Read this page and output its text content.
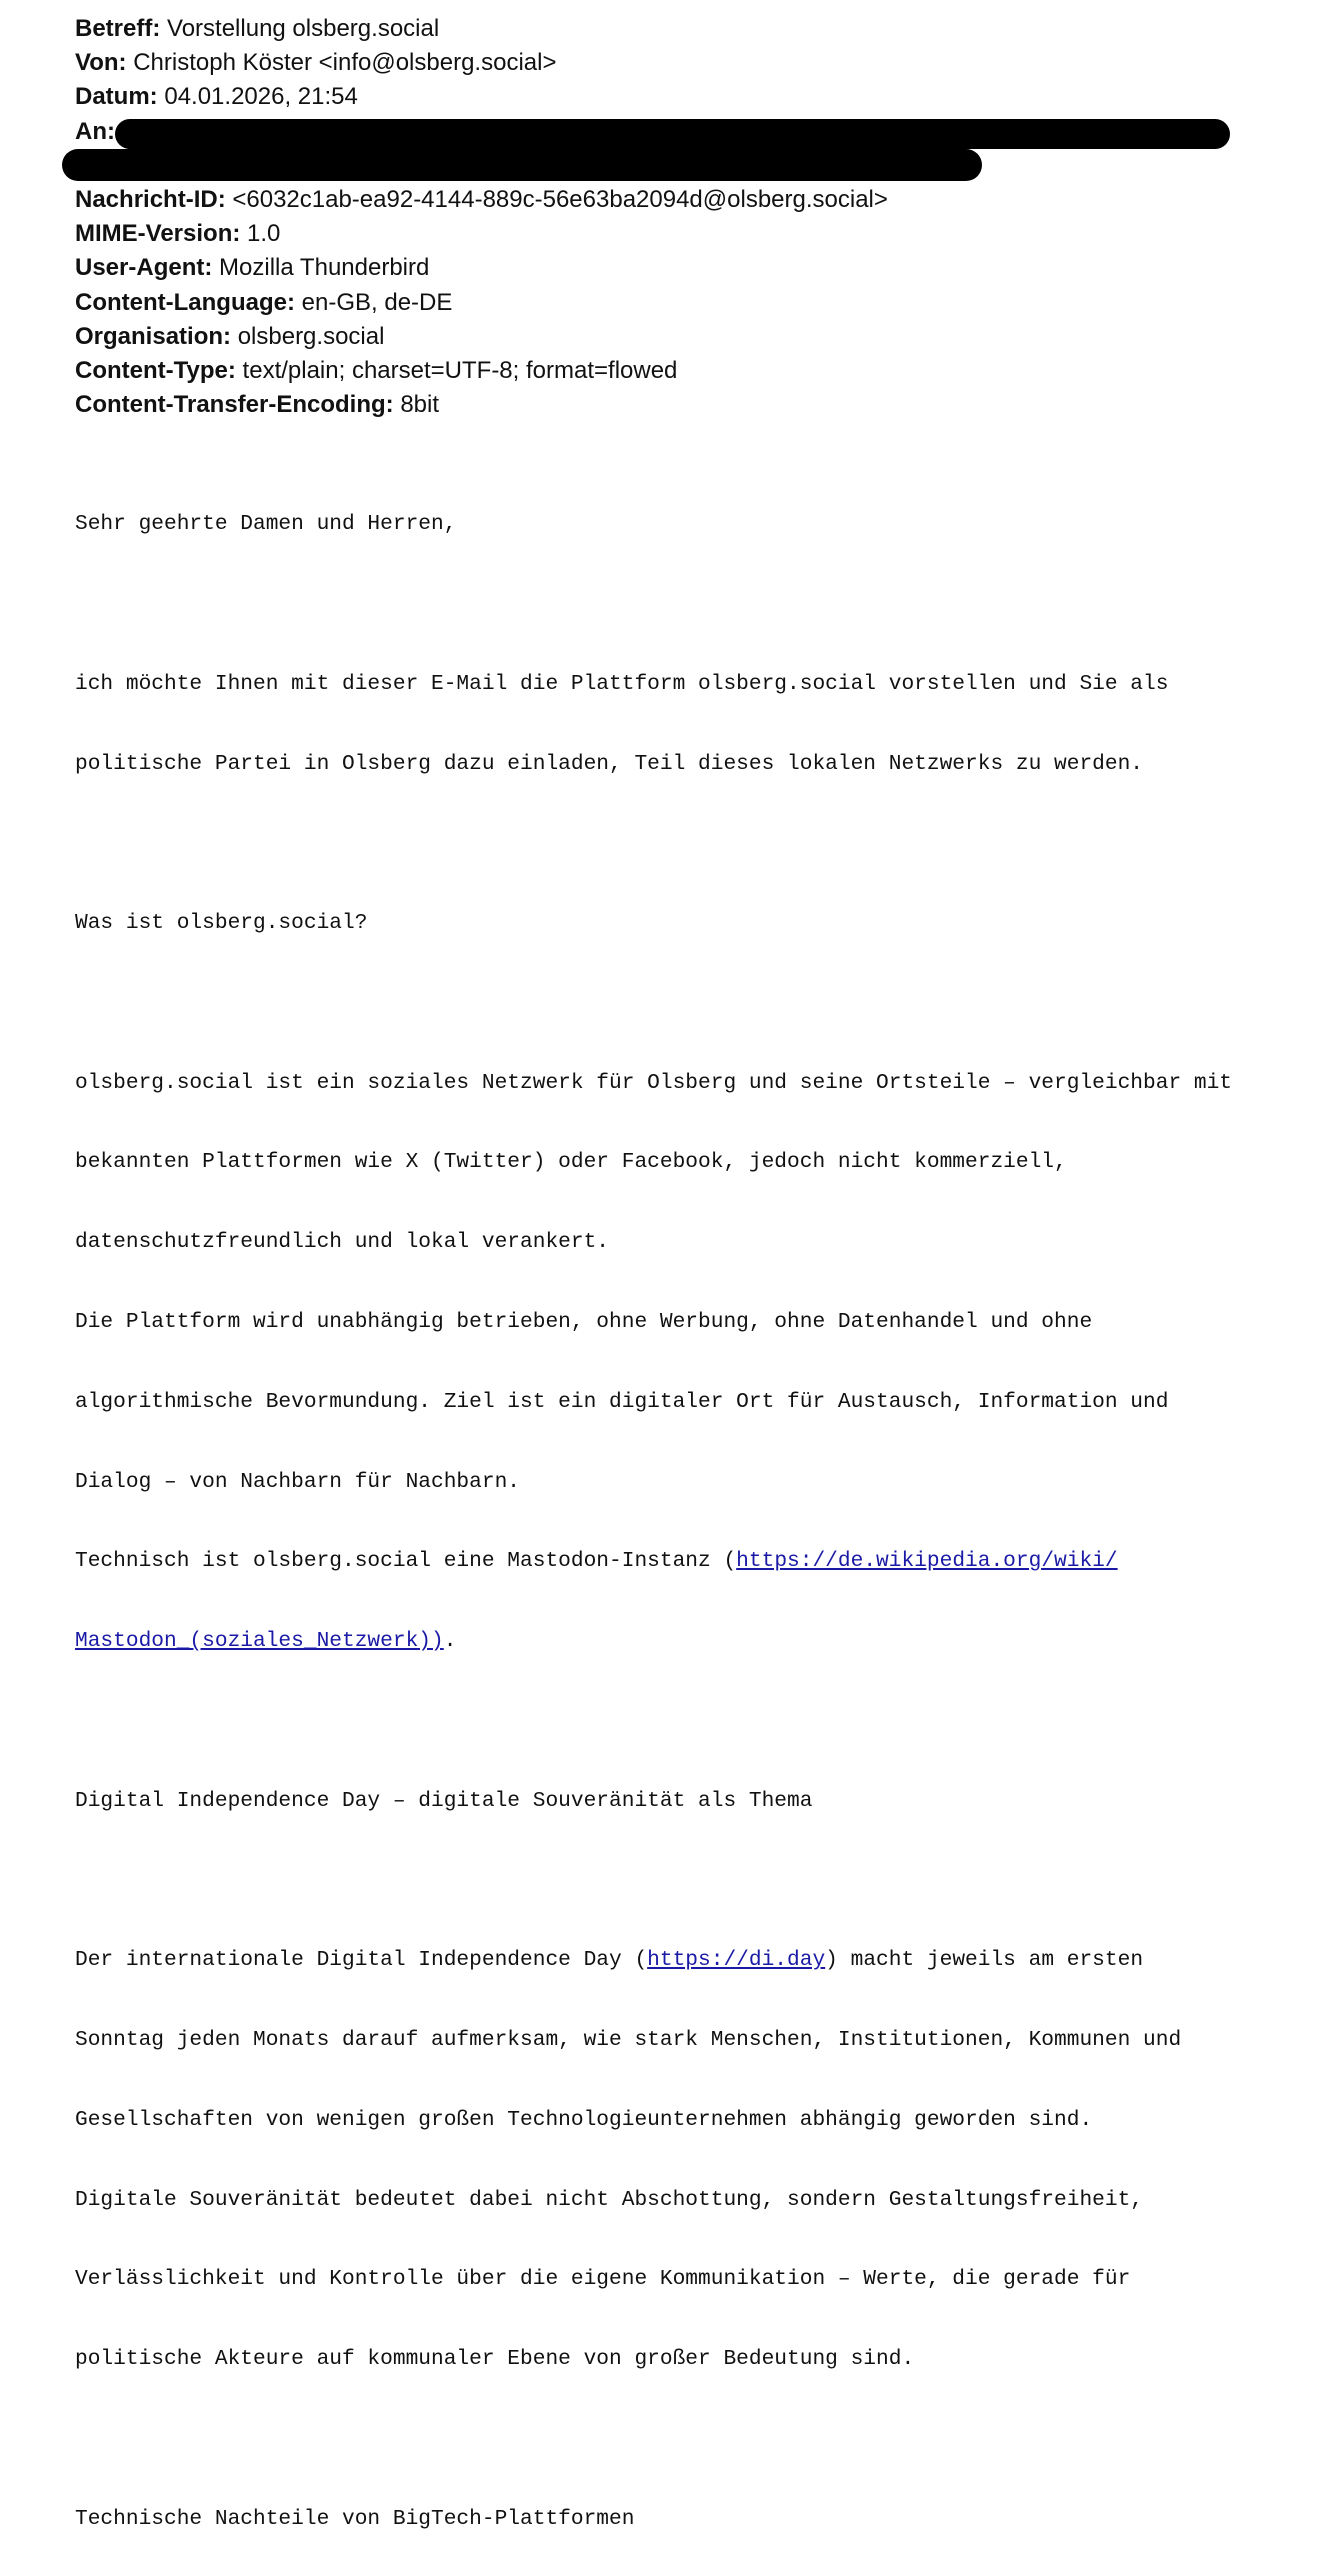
Betreff: Vorstellung olsberg.social
Von: Christoph Köster <info@olsberg.social>
Datum: 04.01.2026, 21:54
An:
Nachricht-ID: <6032c1ab-ea92-4144-889c-56e63ba2094d@olsberg.social>
MIME-Version: 1.0
User-Agent: Mozilla Thunderbird
Content-Language: en-GB, de-DE
Organisation: olsberg.social
Content-Type: text/plain; charset=UTF-8; format=flowed
Content-Transfer-Encoding: 8bit

Sehr geehrte Damen und Herren,

ich möchte Ihnen mit dieser E-Mail die Plattform olsberg.social vorstellen und Sie als

politische Partei in Olsberg dazu einladen, Teil dieses lokalen Netzwerks zu werden.

Was ist olsberg.social?

olsberg.social ist ein soziales Netzwerk für Olsberg und seine Ortsteile – vergleichbar mit

bekannten Plattformen wie X (Twitter) oder Facebook, jedoch nicht kommerziell,

datenschutzfreundlich und lokal verankert.

Die Plattform wird unabhängig betrieben, ohne Werbung, ohne Datenhandel und ohne

algorithmische Bevormundung. Ziel ist ein digitaler Ort für Austausch, Information und

Dialog – von Nachbarn für Nachbarn.

Technisch ist olsberg.social eine Mastodon-Instanz (https://de.wikipedia.org/wiki/

Mastodon_(soziales_Netzwerk)).

Digital Independence Day – digitale Souveränität als Thema

Der internationale Digital Independence Day (https://di.day) macht jeweils am ersten

Sonntag jeden Monats darauf aufmerksam, wie stark Menschen, Institutionen, Kommunen und

Gesellschaften von wenigen großen Technologieunternehmen abhängig geworden sind.

Digitale Souveränität bedeutet dabei nicht Abschottung, sondern Gestaltungsfreiheit,

Verlässlichkeit und Kontrolle über die eigene Kommunikation – Werte, die gerade für

politische Akteure auf kommunaler Ebene von großer Bedeutung sind.

Technische Nachteile von BigTech-Plattformen
